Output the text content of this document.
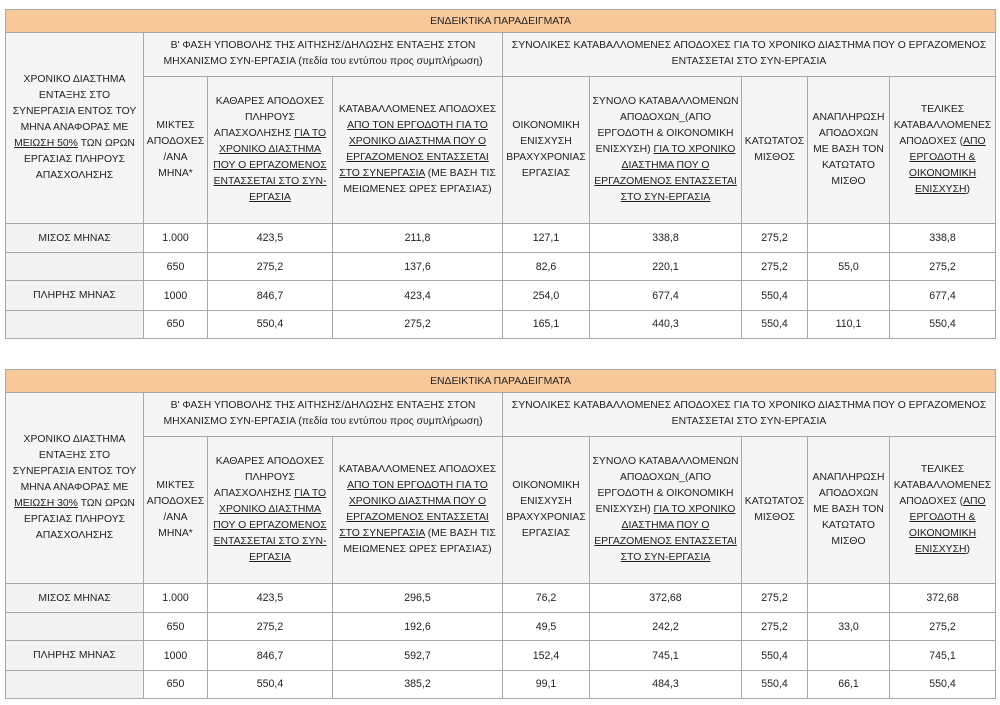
ΕΝΔΕΙΚΤΙΚΑ ΠΑΡΑΔΕΙΓΜΑΤΑ								
ΧΡΟΝΙΚΟ ΔΙΑΣΤΗΜΑ ΕΝΤΑΞΗΣ ΣΤΟ ΣΥΝΕΡΓΑΣΙΑ ΕΝΤΟΣ ΤΟΥ ΜΗΝΑ ΑΝΑΦΟΡΑΣ ΜΕ ΜΕΙΩΣΗ 50% ΤΩΝ ΩΡΩΝ ΕΡΓΑΣΙΑΣ ΠΛΗΡΟΥΣ ΑΠΑΣΧΟΛΗΣΗΣ	Β' ΦΑΣΗ ΥΠΟΒΟΛΗΣ ΤΗΣ ΑΙΤΗΣΗΣ/ΔΗΛΩΣΗΣ ΕΝΤΑΞΗΣ ΣΤΟΝ ΜΗΧΑΝΙΣΜΟ ΣΥΝ-ΕΡΓΑΣΙΑ (πεδία του εντύπου προς συμπλήρωση)			ΣΥΝΟΛΙΚΕΣ ΚΑΤΑΒΑΛΛΟΜΕΝΕΣ ΑΠΟΔΟΧΕΣ ΓΙΑ ΤΟ ΧΡΟΝΙΚΟ ΔΙΑΣΤΗΜΑ ΠΟΥ Ο ΕΡΓΑΖΟΜΕΝΟΣ ΕΝΤΑΣΣΕΤΑΙ ΣΤΟ ΣΥΝ-ΕΡΓΑΣΙΑ				
	ΜΙΚΤΕΣ ΑΠΟΔΟΧΕΣ /ΑΝΑ ΜΗΝΑ*	ΚΑΘΑΡΕΣ ΑΠΟΔΟΧΕΣ ΠΛΗΡΟΥΣ ΑΠΑΣΧΟΛΗΣΗΣ ΓΙΑ ΤΟ ΧΡΟΝΙΚΟ ΔΙΑΣΤΗΜΑ ΠΟΥ Ο ΕΡΓΑΖΟΜΕΝΟΣ ΕΝΤΑΣΣΕΤΑΙ ΣΤΟ ΣΥΝ-ΕΡΓΑΣΙΑ	ΚΑΤΑΒΑΛΛΟΜΕΝΕΣ ΑΠΟΔΟΧΕΣ ΑΠΟ ΤΟΝ ΕΡΓΟΔΟΤΗ ΓΙΑ ΤΟ ΧΡΟΝΙΚΟ ΔΙΑΣΤΗΜΑ ΠΟΥ Ο ΕΡΓΑΖΟΜΕΝΟΣ ΕΝΤΑΣΣΕΤΑΙ ΣΤΟ ΣΥΝΕΡΓΑΣΙΑ (ΜΕ ΒΑΣΗ ΤΙΣ ΜΕΙΩΜΕΝΕΣ ΩΡΕΣ ΕΡΓΑΣΙΑΣ)	ΟΙΚΟΝΟΜΙΚΗ ΕΝΙΣΧΥΣΗ ΒΡΑΧΥΧΡΟΝΙΑΣ ΕΡΓΑΣΙΑΣ	ΣΥΝΟΛΟ ΚΑΤΑΒΑΛΛΟΜΕΝΩΝ ΑΠΟΔΟΧΩΝ_(ΑΠΟ ΕΡΓΟΔΟΤΗ & ΟΙΚΟΝΟΜΙΚΗ ΕΝΙΣΧΥΣΗ) ΓΙΑ ΤΟ ΧΡΟΝΙΚΟ ΔΙΑΣΤΗΜΑ ΠΟΥ Ο ΕΡΓΑΖΟΜΕΝΟΣ ΕΝΤΑΣΣΕΤΑΙ ΣΤΟ ΣΥΝ-ΕΡΓΑΣΙΑ	ΚΑΤΩΤΑΤΟΣ ΜΙΣΘΟΣ	ΑΝΑΠΛΗΡΩΣΗ ΑΠΟΔΟΧΩΝ ΜΕ ΒΑΣΗ ΤΟΝ ΚΑΤΩΤΑΤΟ ΜΙΣΘΟ	ΤΕΛΙΚΕΣ ΚΑΤΑΒΑΛΛΟΜΕΝΕΣ ΑΠΟΔΟΧΕΣ (ΑΠΟ ΕΡΓΟΔΟΤΗ & ΟΙΚΟΝΟΜΙΚΗ ΕΝΙΣΧΥΣΗ)
ΜΙΣΟΣ ΜΗΝΑΣ	1.000	423,5	211,8	127,1	338,8	275,2		338,8
	650	275,2	137,6	82,6	220,1	275,2	55,0	275,2
ΠΛΗΡΗΣ ΜΗΝΑΣ	1000	846,7	423,4	254,0	677,4	550,4		677,4
	650	550,4	275,2	165,1	440,3	550,4	110,1	550,4
ΕΝΔΕΙΚΤΙΚΑ ΠΑΡΑΔΕΙΓΜΑΤΑ								
ΧΡΟΝΙΚΟ ΔΙΑΣΤΗΜΑ ΕΝΤΑΞΗΣ ΣΤΟ ΣΥΝΕΡΓΑΣΙΑ ΕΝΤΟΣ ΤΟΥ ΜΗΝΑ ΑΝΑΦΟΡΑΣ ΜΕ ΜΕΙΩΣΗ 30% ΤΩΝ ΩΡΩΝ ΕΡΓΑΣΙΑΣ ΠΛΗΡΟΥΣ ΑΠΑΣΧΟΛΗΣΗΣ	Β' ΦΑΣΗ ΥΠΟΒΟΛΗΣ ΤΗΣ ΑΙΤΗΣΗΣ/ΔΗΛΩΣΗΣ ΕΝΤΑΞΗΣ ΣΤΟΝ ΜΗΧΑΝΙΣΜΟ ΣΥΝ-ΕΡΓΑΣΙΑ (πεδία του εντύπου προς συμπλήρωση)			ΣΥΝΟΛΙΚΕΣ ΚΑΤΑΒΑΛΛΟΜΕΝΕΣ ΑΠΟΔΟΧΕΣ ΓΙΑ ΤΟ ΧΡΟΝΙΚΟ ΔΙΑΣΤΗΜΑ ΠΟΥ Ο ΕΡΓΑΖΟΜΕΝΟΣ ΕΝΤΑΣΣΕΤΑΙ ΣΤΟ ΣΥΝ-ΕΡΓΑΣΙΑ				
	ΜΙΚΤΕΣ ΑΠΟΔΟΧΕΣ /ΑΝΑ ΜΗΝΑ*	ΚΑΘΑΡΕΣ ΑΠΟΔΟΧΕΣ ΠΛΗΡΟΥΣ ΑΠΑΣΧΟΛΗΣΗΣ ΓΙΑ ΤΟ ΧΡΟΝΙΚΟ ΔΙΑΣΤΗΜΑ ΠΟΥ Ο ΕΡΓΑΖΟΜΕΝΟΣ ΕΝΤΑΣΣΕΤΑΙ ΣΤΟ ΣΥΝ-ΕΡΓΑΣΙΑ	ΚΑΤΑΒΑΛΛΟΜΕΝΕΣ ΑΠΟΔΟΧΕΣ ΑΠΟ ΤΟΝ ΕΡΓΟΔΟΤΗ ΓΙΑ ΤΟ ΧΡΟΝΙΚΟ ΔΙΑΣΤΗΜΑ ΠΟΥ Ο ΕΡΓΑΖΟΜΕΝΟΣ ΕΝΤΑΣΣΕΤΑΙ ΣΤΟ ΣΥΝΕΡΓΑΣΙΑ (ΜΕ ΒΑΣΗ ΤΙΣ ΜΕΙΩΜΕΝΕΣ ΩΡΕΣ ΕΡΓΑΣΙΑΣ)	ΟΙΚΟΝΟΜΙΚΗ ΕΝΙΣΧΥΣΗ ΒΡΑΧΥΧΡΟΝΙΑΣ ΕΡΓΑΣΙΑΣ	ΣΥΝΟΛΟ ΚΑΤΑΒΑΛΛΟΜΕΝΩΝ ΑΠΟΔΟΧΩΝ_(ΑΠΟ ΕΡΓΟΔΟΤΗ & ΟΙΚΟΝΟΜΙΚΗ ΕΝΙΣΧΥΣΗ) ΓΙΑ ΤΟ ΧΡΟΝΙΚΟ ΔΙΑΣΤΗΜΑ ΠΟΥ Ο ΕΡΓΑΖΟΜΕΝΟΣ ΕΝΤΑΣΣΕΤΑΙ ΣΤΟ ΣΥΝ-ΕΡΓΑΣΙΑ	ΚΑΤΩΤΑΤΟΣ ΜΙΣΘΟΣ	ΑΝΑΠΛΗΡΩΣΗ ΑΠΟΔΟΧΩΝ ΜΕ ΒΑΣΗ ΤΟΝ ΚΑΤΩΤΑΤΟ ΜΙΣΘΟ	ΤΕΛΙΚΕΣ ΚΑΤΑΒΑΛΛΟΜΕΝΕΣ ΑΠΟΔΟΧΕΣ (ΑΠΟ ΕΡΓΟΔΟΤΗ & ΟΙΚΟΝΟΜΙΚΗ ΕΝΙΣΧΥΣΗ)
ΜΙΣΟΣ ΜΗΝΑΣ	1.000	423,5	296,5	76,2	372,68	275,2		372,68
	650	275,2	192,6	49,5	242,2	275,2	33,0	275,2
ΠΛΗΡΗΣ ΜΗΝΑΣ	1000	846,7	592,7	152,4	745,1	550,4		745,1
	650	550,4	385,2	99,1	484,3	550,4	66,1	550,4
